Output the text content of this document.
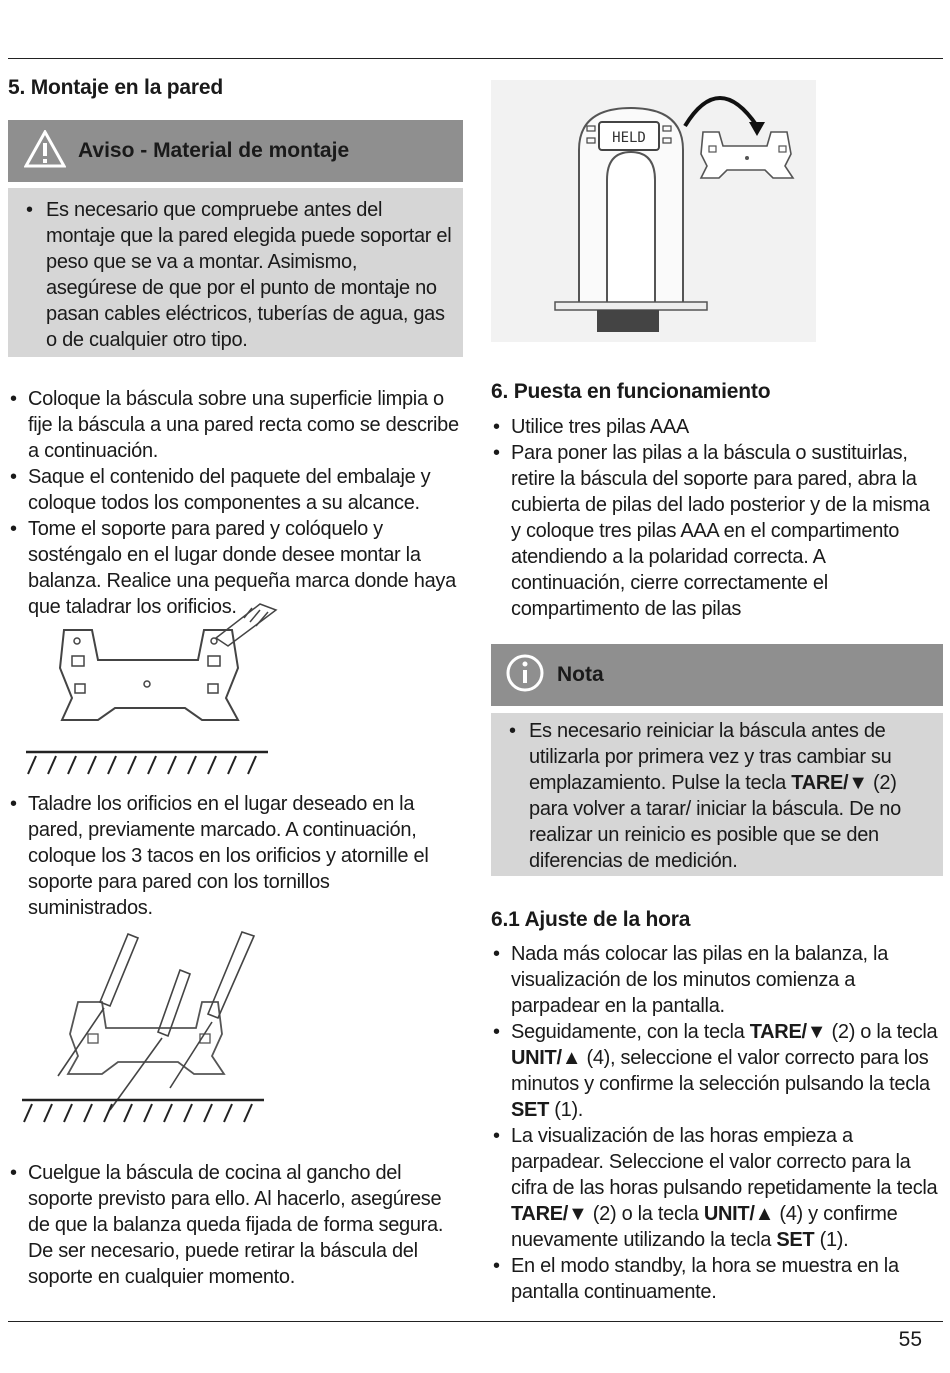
5. Montaje en la pared
Aviso - Material de montaje
• Es necesario que compruebe antes del montaje que la pared elegida puede soportar el peso que se va a montar. Asimismo, asegúrese de que por el punto de montaje no pasan cables eléctricos, tuberías de agua, gas o de cualquier otro tipo.
• Coloque la báscula sobre una superficie limpia o fije la báscula a una pared recta como se describe a continuación.
• Saque el contenido del paquete del embalaje y coloque todos los componentes a su alcance.
• Tome el soporte para pared y colóquelo y sosténgalo en el lugar donde desee montar la balanza. Realice una pequeña marca donde haya que taladrar los orificios.
• Taladre los orificios en el lugar deseado en la pared, previamente marcado. A continuación, coloque los 3 tacos en los orificios y atornille el soporte para pared con los tornillos suministrados.
• Cuelgue la báscula de cocina al gancho del soporte previsto para ello. Al hacerlo, asegúrese de que la balanza queda fijada de forma segura. De ser necesario, puede retirar la báscula del soporte en cualquier momento.
HELD
6. Puesta en funcionamiento
• Utilice tres pilas AAA
• Para poner las pilas a la báscula o sustituirlas, retire la báscula del soporte para pared, abra la cubierta de pilas del lado posterior y de la misma y coloque tres pilas AAA en el compartimento atendiendo a la polaridad correcta. A continuación, cierre correctamente el compartimento de las pilas
Nota
• Es necesario reiniciar la báscula antes de utilizarla por primera vez y tras cambiar su emplazamiento. Pulse la tecla TARE/▼ (2) para volver a tarar/ iniciar la báscula. De no realizar un reinicio es posible que se den diferencias de medición.
6.1 Ajuste de la hora
• Nada más colocar las pilas en la balanza, la visualización de los minutos comienza a parpadear en la pantalla.
• Seguidamente, con la tecla TARE/▼ (2) o la tecla UNIT/▲ (4), seleccione el valor correcto para los minutos y confirme la selección pulsando la tecla SET (1).
• La visualización de las horas empieza a parpadear. Seleccione el valor correcto para la cifra de las horas pulsando repetidamente la tecla TARE/▼ (2) o la tecla UNIT/▲ (4) y confirme nuevamente utilizando la tecla SET (1).
• En el modo standby, la hora se muestra en la pantalla continuamente.
55
